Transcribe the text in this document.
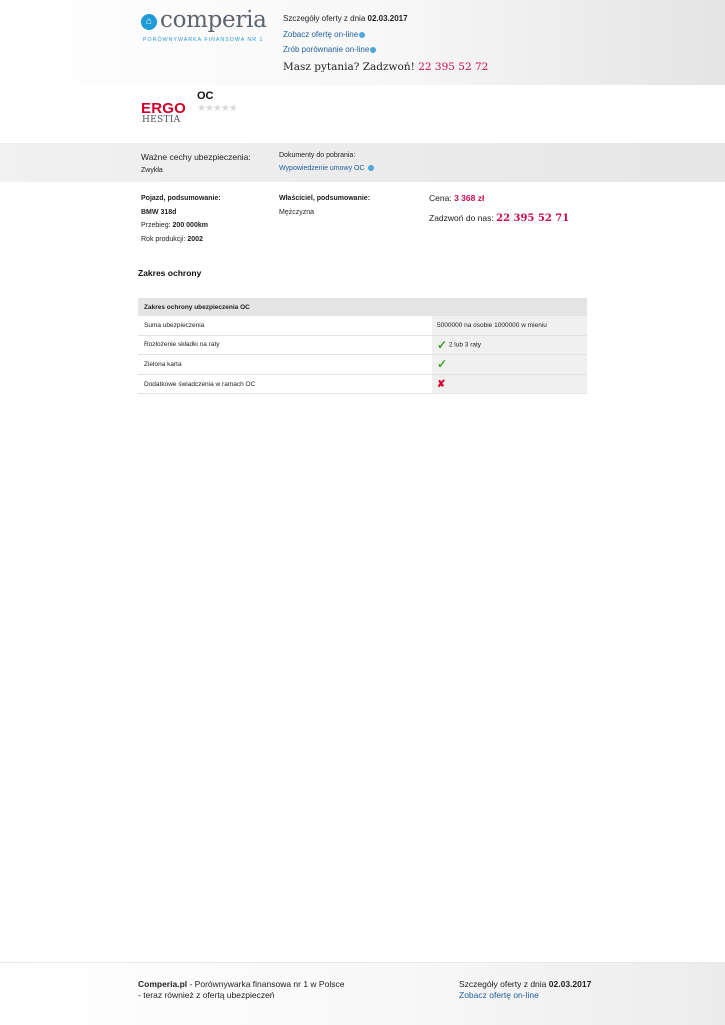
⌂ comperia
PORÓWNYWARKA FINANSOWA NR 1
Szczegóły oferty z dnia 02.03.2017
Zobacz ofertę on-line
Zrób porównanie on-line
Masz pytania? Zadzwoń! 22 395 52 72
ERGO
HESTIA
OC
★★★★★
Ważne cechy ubezpieczenia:
Zwykła
Dokumenty do pobrania:
Wypowiedzenie umowy OC
Pojazd, podsumowanie:
BMW 318d
Przebieg: 200 000km
Rok produkcji: 2002
Właściciel, podsumowanie:
Mężczyzna
Cena: 3 368 zł
Zadzwoń do nas: 22 395 52 71
Zakres ochrony
Zakres ochrony ubezpieczenia OC	
Suma ubezpieczenia	5000000 na osobie 1000000 w mieniu
Rozłożenie składki na raty	✓ 2 lub 3 raty
Zielona karta	✓
Dodatkowe świadczenia w ramach OC	✘
Comperia.pl - Porównywarka finansowa nr 1 w Polsce
- teraz również z ofertą ubezpieczeń
Szczegóły oferty z dnia 02.03.2017
Zobacz ofertę on-line
